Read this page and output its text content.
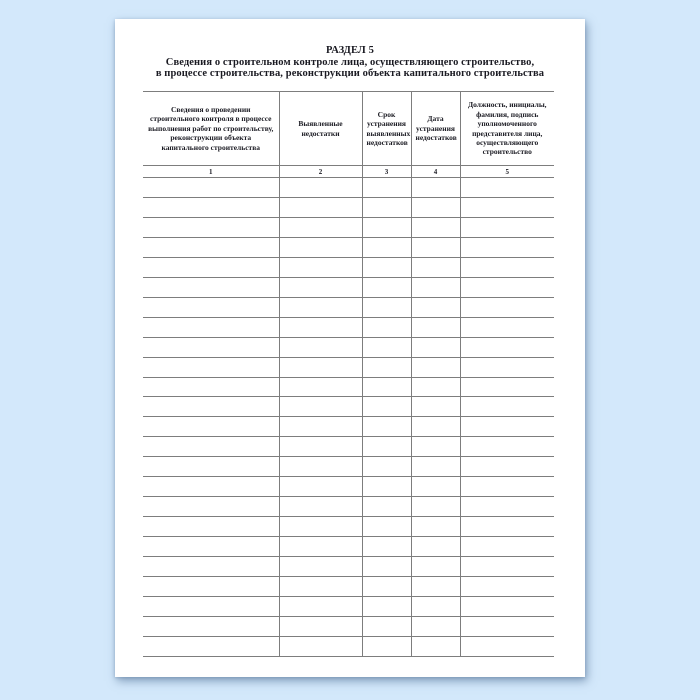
РАЗДЕЛ 5
Сведения о строительном контроле лица, осуществляющего строительство,
в процессе строительства, реконструкции объекта капитального строительства
Сведения о проведении строительного контроля в процессе выполнения работ по строительству, реконструкции объекта капитального строительства	Выявленные недостатки	Срок устранения выявленных недостатков	Дата устранения недостатков	Должность, инициалы, фамилия, подпись уполномоченного представителя лица, осуществляющего строительство
1	2	3	4	5
